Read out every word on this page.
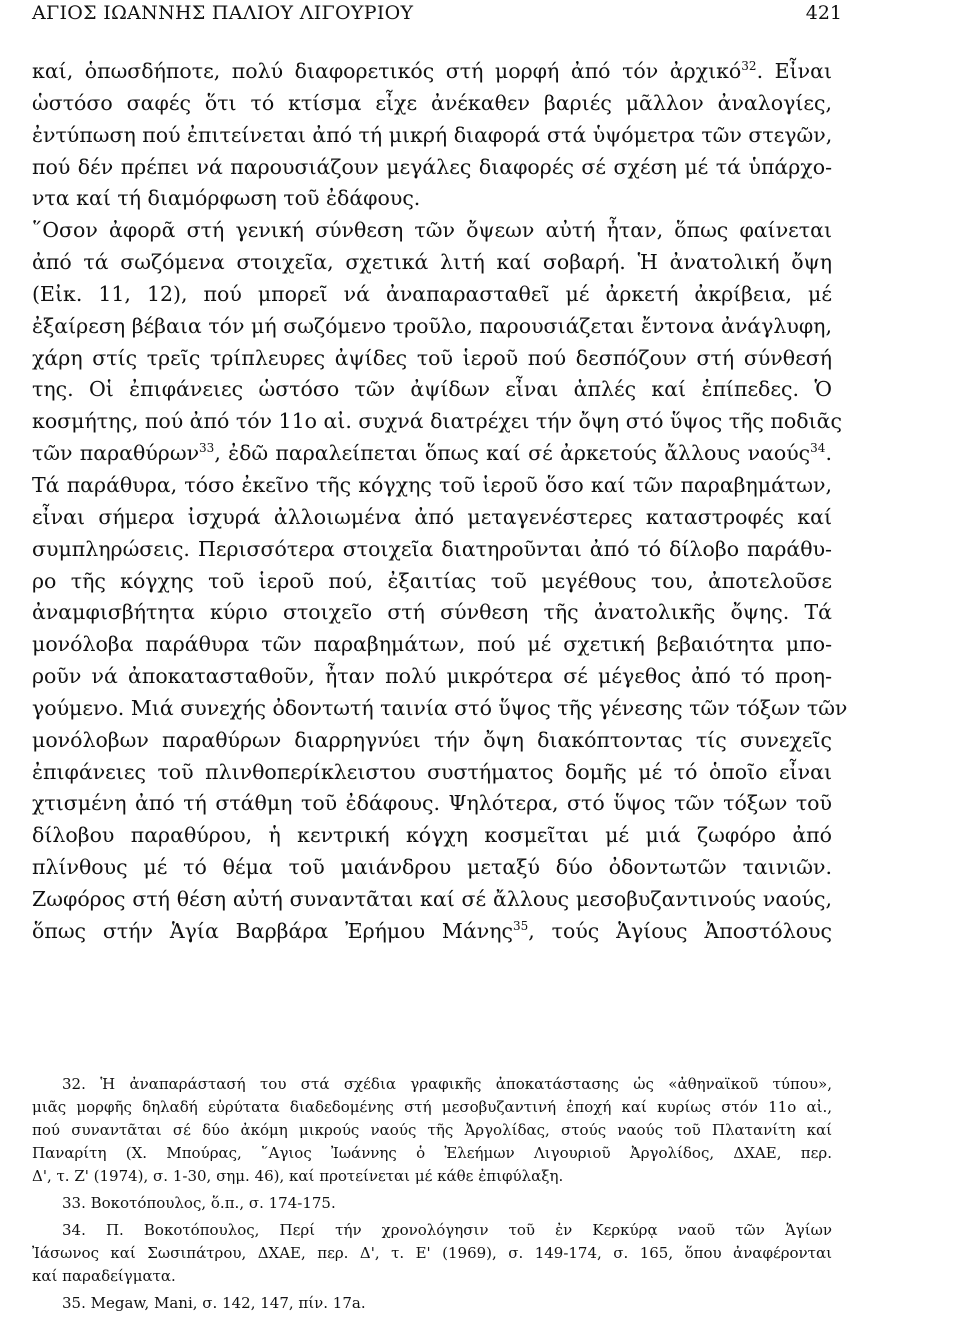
ΑΓΙΟΣ ΙΩΑΝΝΗΣ ΠΑΛΙΟΥ ΛΙΓΟΥΡΙΟΥ	421
καί, ὁπωσδήποτε, πολύ διαφορετικός στή μορφή ἀπό τόν ἀρχικό$^{32}$. Εἶναι
ὡστόσο σαφές ὅτι τό κτίσμα εἶχε ἀνέκαθεν βαριές μᾶλλον ἀναλογίες,
ἐντύπωση πού ἐπιτείνεται ἀπό τή μικρή διαφορά στά ὑψόμετρα τῶν στεγῶν,
πού δέν πρέπει νά παρουσιάζουν μεγάλες διαφορές σέ σχέση μέ τά ὑπάρχο-
ντα καί τή διαμόρφωση τοῦ ἐδάφους.
῞Οσον ἀφορᾶ στή γενική σύνθεση τῶν ὄψεων αὐτή ἦταν, ὅπως φαίνεται
ἀπό τά σωζόμενα στοιχεῖα, σχετικά λιτή καί σοβαρή. Ἡ ἀνατολική ὄψη
(Εἰκ. 11, 12), πού μπορεῖ νά ἀναπαρασταθεῖ μέ ἀρκετή ἀκρίβεια, μέ
ἐξαίρεση βέβαια τόν μή σωζόμενο τροῦλο, παρουσιάζεται ἔντονα ἀνάγλυφη,
χάρη στίς τρεῖς τρίπλευρες ἀψίδες τοῦ ἱεροῦ πού δεσπόζουν στή σύνθεσή
της. Οἱ ἐπιφάνειες ὡστόσο τῶν ἀψίδων εἶναι ἁπλές καί ἐπίπεδες. Ὁ
κοσμήτης, πού ἀπό τόν 11ο αἰ. συχνά διατρέχει τήν ὄψη στό ὕψος τῆς ποδιᾶς
τῶν παραθύρων$^{33}$, ἐδῶ παραλείπεται ὅπως καί σέ ἀρκετούς ἄλλους ναούς$^{34}$.
Τά παράθυρα, τόσο ἐκεῖνο τῆς κόγχης τοῦ ἱεροῦ ὅσο καί τῶν παραβημάτων,
εἶναι σήμερα ἰσχυρά ἀλλοιωμένα ἀπό μεταγενέστερες καταστροφές καί
συμπληρώσεις. Περισσότερα στοιχεῖα διατηροῦνται ἀπό τό δίλοβο παράθυ-
ρο τῆς κόγχης τοῦ ἱεροῦ πού, ἐξαιτίας τοῦ μεγέθους του, ἀποτελοῦσε
ἀναμφισβήτητα κύριο στοιχεῖο στή σύνθεση τῆς ἀνατολικῆς ὄψης. Τά
μονόλοβα παράθυρα τῶν παραβημάτων, πού μέ σχετική βεβαιότητα μπο-
ροῦν νά ἀποκατασταθοῦν, ἦταν πολύ μικρότερα σέ μέγεθος ἀπό τό προη-
γούμενο. Μιά συνεχής ὀδοντωτή ταινία στό ὕψος τῆς γένεσης τῶν τόξων τῶν
μονόλοβων παραθύρων διαρρηγνύει τήν ὄψη διακόπτοντας τίς συνεχεῖς
ἐπιφάνειες τοῦ πλινθοπερίκλειστου συστήματος δομῆς μέ τό ὁποῖο εἶναι
χτισμένη ἀπό τή στάθμη τοῦ ἐδάφους. Ψηλότερα, στό ὕψος τῶν τόξων τοῦ
δίλοβου παραθύρου, ἡ κεντρική κόγχη κοσμεῖται μέ μιά ζωφόρο ἀπό
πλίνθους μέ τό θέμα τοῦ μαιάνδρου μεταξύ δύο ὀδοντωτῶν ταινιῶν.
Ζωφόρος στή θέση αὐτή συναντᾶται καί σέ ἄλλους μεσοβυζαντινούς ναούς,
ὅπως στήν Ἁγία Βαρβάρα Ἐρήμου Μάνης$^{35}$, τούς Ἁγίους Ἀποστόλους
32. Ἡ ἀναπαράστασή του στά σχέδια γραφικῆς ἀποκατάστασης ὡς «ἀθηναϊκοῦ τύπου»,
μιᾶς μορφῆς δηλαδή εὐρύτατα διαδεδομένης στή μεσοβυζαντινή ἐποχή καί κυρίως στόν 11ο αἰ.,
πού συναντᾶται σέ δύο ἀκόμη μικρούς ναούς τῆς Ἀργολίδας, στούς ναούς τοῦ Πλατανίτη καί
Παναρίτη (Χ. Μπούρας, ῞Αγιος Ἰωάννης ὁ Ἐλεήμων Λιγουριοῦ Ἀργολίδος, ΔΧΑΕ, περ.
Δ', τ. Ζ' (1974), σ. 1-30, σημ. 46), καί προτείνεται μέ κάθε ἐπιφύλαξη.
33. Βοκοτόπουλος, ὅ.π., σ. 174-175.
34. Π. Βοκοτόπουλος, Περί τήν χρονολόγησιν τοῦ ἐν Κερκύρᾳ ναοῦ τῶν Ἁγίων
Ἰάσωνος καί Σωσιπάτρου, ΔΧΑΕ, περ. Δ', τ. Ε' (1969), σ. 149-174, σ. 165, ὅπου ἀναφέρονται
καί παραδείγματα.
35. Megaw, Mani, σ. 142, 147, πίν. 17a.
